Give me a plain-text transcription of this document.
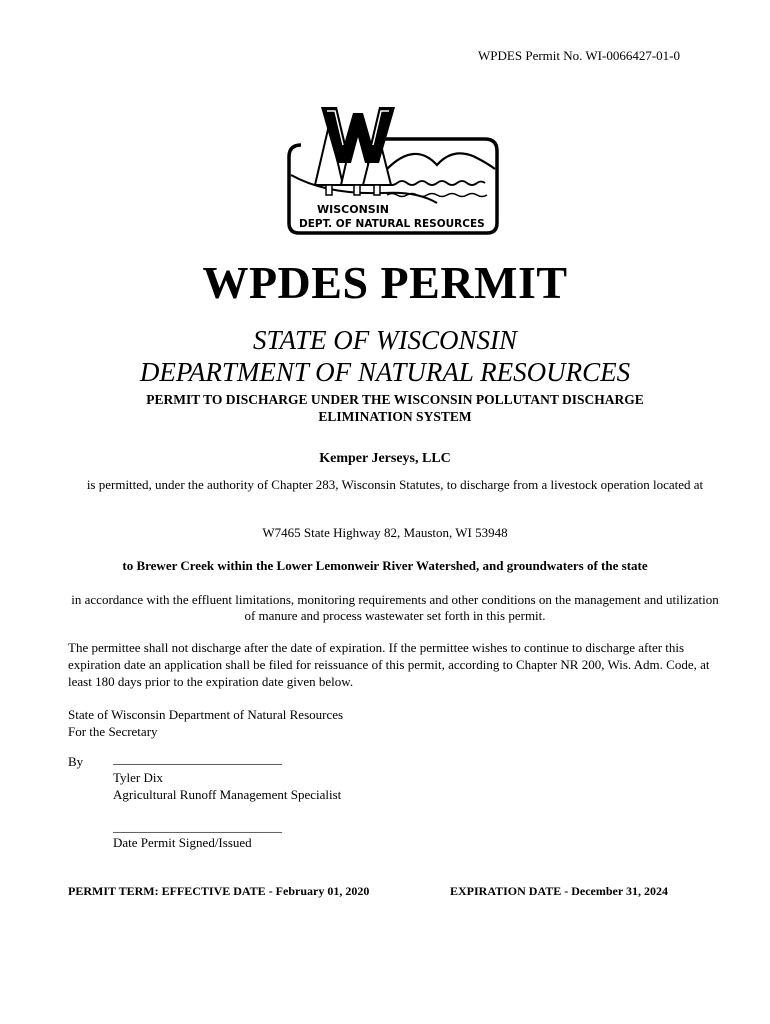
WPDES Permit No. WI-0066427-01-0
WISCONSIN
DEPT. OF NATURAL RESOURCES
WPDES PERMIT
STATE OF WISCONSIN
DEPARTMENT OF NATURAL RESOURCES
PERMIT TO DISCHARGE UNDER THE WISCONSIN POLLUTANT DISCHARGE ELIMINATION SYSTEM
Kemper Jerseys, LLC
is permitted, under the authority of Chapter 283, Wisconsin Statutes, to discharge from a livestock operation located at
W7465 State Highway 82, Mauston, WI 53948
to Brewer Creek within the Lower Lemonweir River Watershed, and groundwaters of the state
in accordance with the effluent limitations, monitoring requirements and other conditions on the management and utilization of manure and process wastewater set forth in this permit.
The permittee shall not discharge after the date of expiration. If the permittee wishes to continue to discharge after this expiration date an application shall be filed for reissuance of this permit, according to Chapter NR 200, Wis. Adm. Code, at least 180 days prior to the expiration date given below.
State of Wisconsin Department of Natural Resources
For the Secretary
By __________________________
Tyler Dix
Agricultural Runoff Management Specialist
__________________________
Date Permit Signed/Issued
PERMIT TERM: EFFECTIVE DATE - February 01, 2020	EXPIRATION DATE - December 31, 2024
